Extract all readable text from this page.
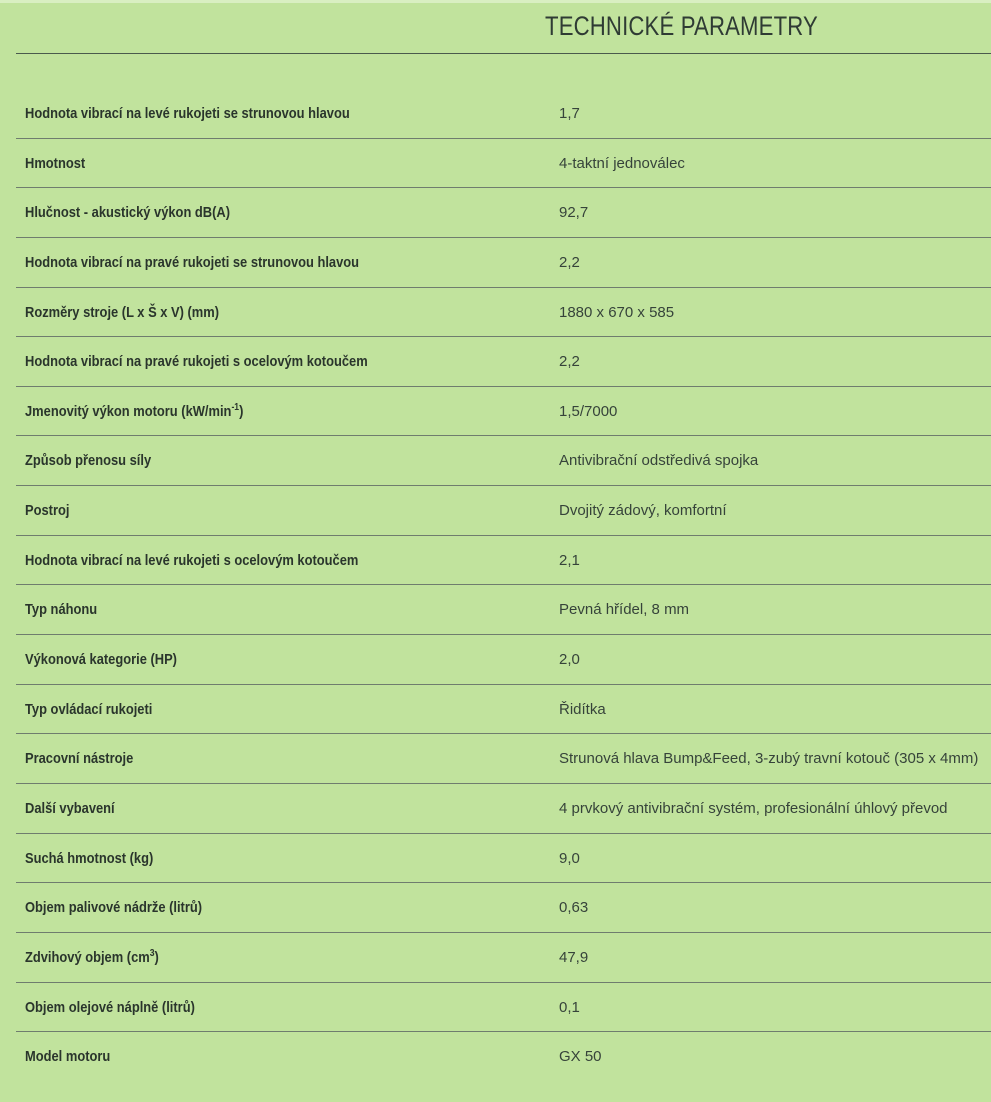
TECHNICKÉ PARAMETRY
Hodnota vibrací na levé rukojeti se strunovou hlavou	1,7
Hmotnost	4-taktní jednoválec
Hlučnost - akustický výkon dB(A)	92,7
Hodnota vibrací na pravé rukojeti se strunovou hlavou	2,2
Rozměry stroje (L x Š x V) (mm)	1880 x 670 x 585
Hodnota vibrací na pravé rukojeti s ocelovým kotoučem	2,2
Jmenovitý výkon motoru $(kW/\min^{-1})$	1,5/7000
Způsob přenosu síly	Antivibrační odstředivá spojka
Postroj	Dvojitý zádový, komfortní
Hodnota vibrací na levé rukojeti s ocelovým kotoučem	2,1
Typ náhonu	Pevná hřídel, 8 mm
Výkonová kategorie (HP)	2,0
Typ ovládací rukojeti	Řidítka
Pracovní nástroje	Strunová hlava Bump&Feed, 3-zubý travní kotouč (305 x 4mm)
Další vybavení	4 prvkový antivibrační systém, profesionální úhlový převod
Suchá hmotnost (kg)	9,0
Objem palivové nádrže (litrů)	0,63
Zdvihový objem $(cm^3)$	47,9
Objem olejové náplně (litrů)	0,1
Model motoru	GX 50
